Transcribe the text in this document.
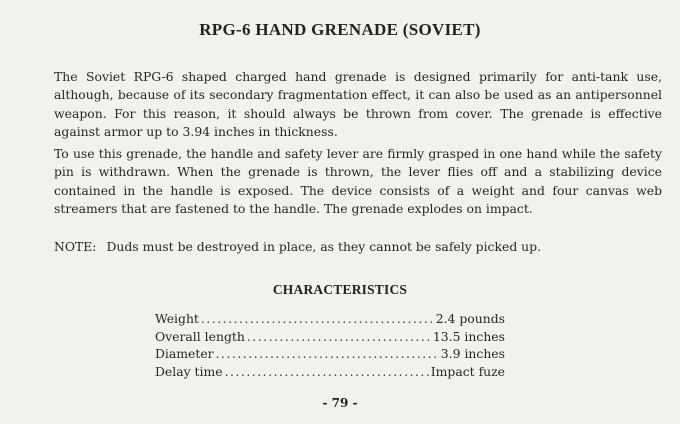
RPG-6 HAND GRENADE (SOVIET)

The Soviet RPG-6 shaped charged hand grenade is designed primarily for anti-tank use, although, because of its secondary fragmentation effect, it can also be used as an antipersonnel weapon. For this reason, it should always be thrown from cover. The grenade is effective against armor up to 3.94 inches in thickness.

To use this grenade, the handle and safety lever are firmly grasped in one hand while the safety pin is withdrawn. When the grenade is thrown, the lever flies off and a stabilizing device contained in the handle is exposed. The device consists of a weight and four canvas web streamers that are fastened to the handle. The grenade explodes on impact.

NOTE: Duds must be destroyed in place, as they cannot be safely picked up.
CHARACTERISTICS
Weight .....	2.4 pounds
Overall length .....	13.5 inches
Diameter .....	3.9 inches
Delay time .....	Impact fuze
- 79 -
